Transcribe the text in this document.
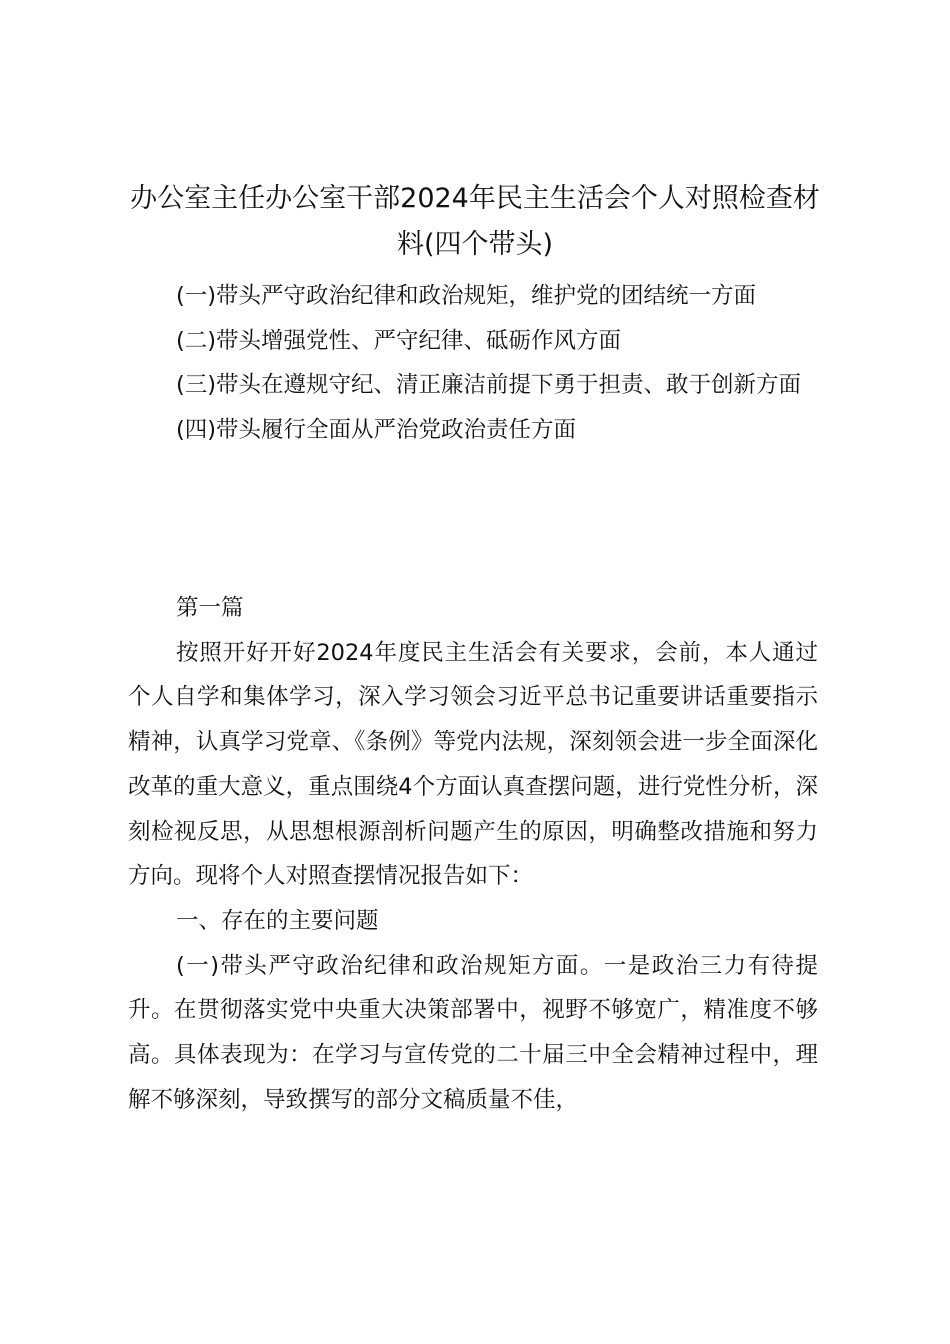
办公室主任办公室干部2024年民主生活会个人对照检查材料(四个带头)
(一)带头严守政治纪律和政治规矩，维护党的团结统一方面
(二)带头增强党性、严守纪律、砥砺作风方面
(三)带头在遵规守纪、清正廉洁前提下勇于担责、敢于创新方面
(四)带头履行全面从严治党政治责任方面

第一篇

按照开好开好2024年度民主生活会有关要求，会前，本人通过个人自学和集体学习，深入学习领会习近平总书记重要讲话重要指示精神，认真学习党章、《条例》等党内法规，深刻领会进一步全面深化改革的重大意义，重点围绕4个方面认真查摆问题，进行党性分析，深刻检视反思，从思想根源剖析问题产生的原因，明确整改措施和努力方向。现将个人对照查摆情况报告如下：

一、存在的主要问题

(一)带头严守政治纪律和政治规矩方面。一是政治三力有待提升。在贯彻落实党中央重大决策部署中，视野不够宽广，精准度不够高。具体表现为：在学习与宣传党的二十届三中全会精神过程中，理解不够深刻，导致撰写的部分文稿质量不佳，
